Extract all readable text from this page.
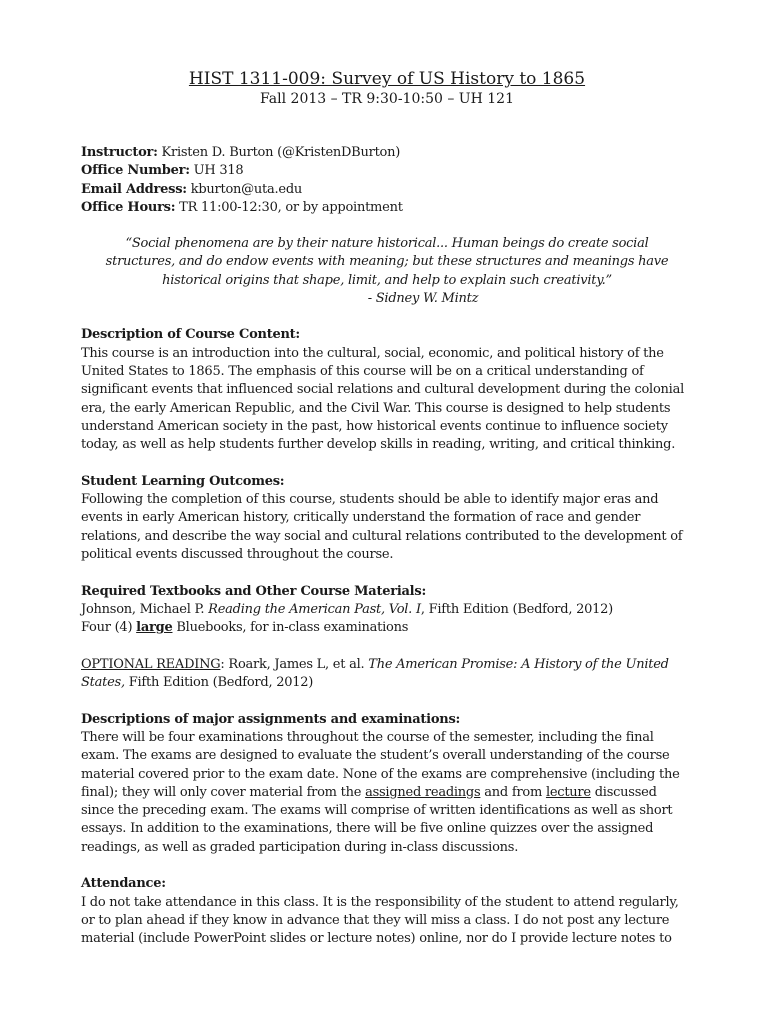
HIST 1311-009: Survey of US History to 1865
Fall 2013 – TR 9:30-10:50 – UH 121

Instructor: Kristen D. Burton (@KristenDBurton)

Office Number: UH 318

Email Address: kburton@uta.edu

Office Hours: TR 11:00-12:30, or by appointment

“Social phenomena are by their nature historical... Human beings do create social structures, and do endow events with meaning; but these structures and meanings have historical origins that shape, limit, and help to explain such creativity.”

- Sidney W. Mintz

Description of Course Content:

This course is an introduction into the cultural, social, economic, and political history of the United States to 1865. The emphasis of this course will be on a critical understanding of significant events that influenced social relations and cultural development during the colonial era, the early American Republic, and the Civil War. This course is designed to help students understand American society in the past, how historical events continue to influence society today, as well as help students further develop skills in reading, writing, and critical thinking.

Student Learning Outcomes:

Following the completion of this course, students should be able to identify major eras and events in early American history, critically understand the formation of race and gender relations, and describe the way social and cultural relations contributed to the development of political events discussed throughout the course.

Required Textbooks and Other Course Materials:

Johnson, Michael P. Reading the American Past, Vol. I, Fifth Edition (Bedford, 2012)

Four (4) large Bluebooks, for in-class examinations

OPTIONAL READING: Roark, James L, et al. The American Promise: A History of the United States, Fifth Edition (Bedford, 2012)

Descriptions of major assignments and examinations:

There will be four examinations throughout the course of the semester, including the final exam. The exams are designed to evaluate the student’s overall understanding of the course material covered prior to the exam date. None of the exams are comprehensive (including the final); they will only cover material from the assigned readings and from lecture discussed since the preceding exam. The exams will comprise of written identifications as well as short essays. In addition to the examinations, there will be five online quizzes over the assigned readings, as well as graded participation during in-class discussions.

Attendance:

I do not take attendance in this class. It is the responsibility of the student to attend regularly, or to plan ahead if they know in advance that they will miss a class. I do not post any lecture material (include PowerPoint slides or lecture notes) online, nor do I provide lecture notes to
